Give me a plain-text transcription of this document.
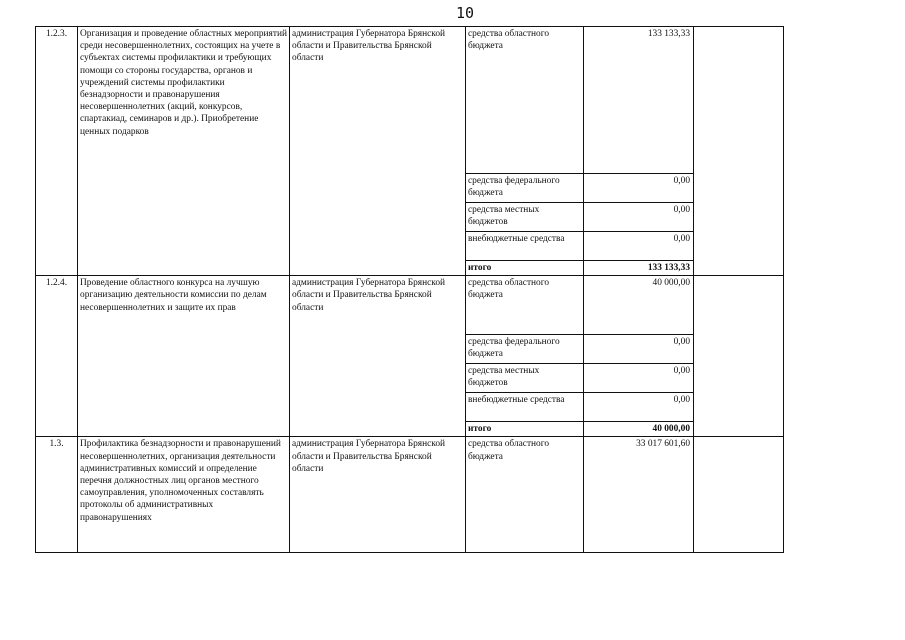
10
1.2.3.	Организация и проведение областных мероприятий среди несовершеннолетних, состоящих на учете в субъектах системы профилактики и требующих помощи со стороны государства, органов и учреждений системы профилактики безнадзорности и правонарушения несовершеннолетних (акций, конкурсов, спартакиад, семинаров и др.). Приобретение ценных подарков	администрация Губернатора Брянской области и Правительства Брянской области	средства областного бюджета	133 133,33	
			средства федерального бюджета	0,00	
			средства местных бюджетов	0,00	
			внебюджетные средства	0,00	
			итого	133 133,33	
1.2.4.	Проведение областного конкурса на лучшую организацию деятельности комиссии по делам несовершеннолетних и защите их прав	администрация Губернатора Брянской области и Правительства Брянской области	средства областного бюджета	40 000,00	
			средства федерального бюджета	0,00	
			средства местных бюджетов	0,00	
			внебюджетные средства	0,00	
			итого	40 000,00	
1.3.	Профилактика безнадзорности и правонарушений несовершеннолетних, организация деятельности административных комиссий и определение перечня должностных лиц органов местного самоуправления, уполномоченных составлять протоколы об административных правонарушениях	администрация Губернатора Брянской области и Правительства Брянской области	средства областного бюджета	33 017 601,60	
